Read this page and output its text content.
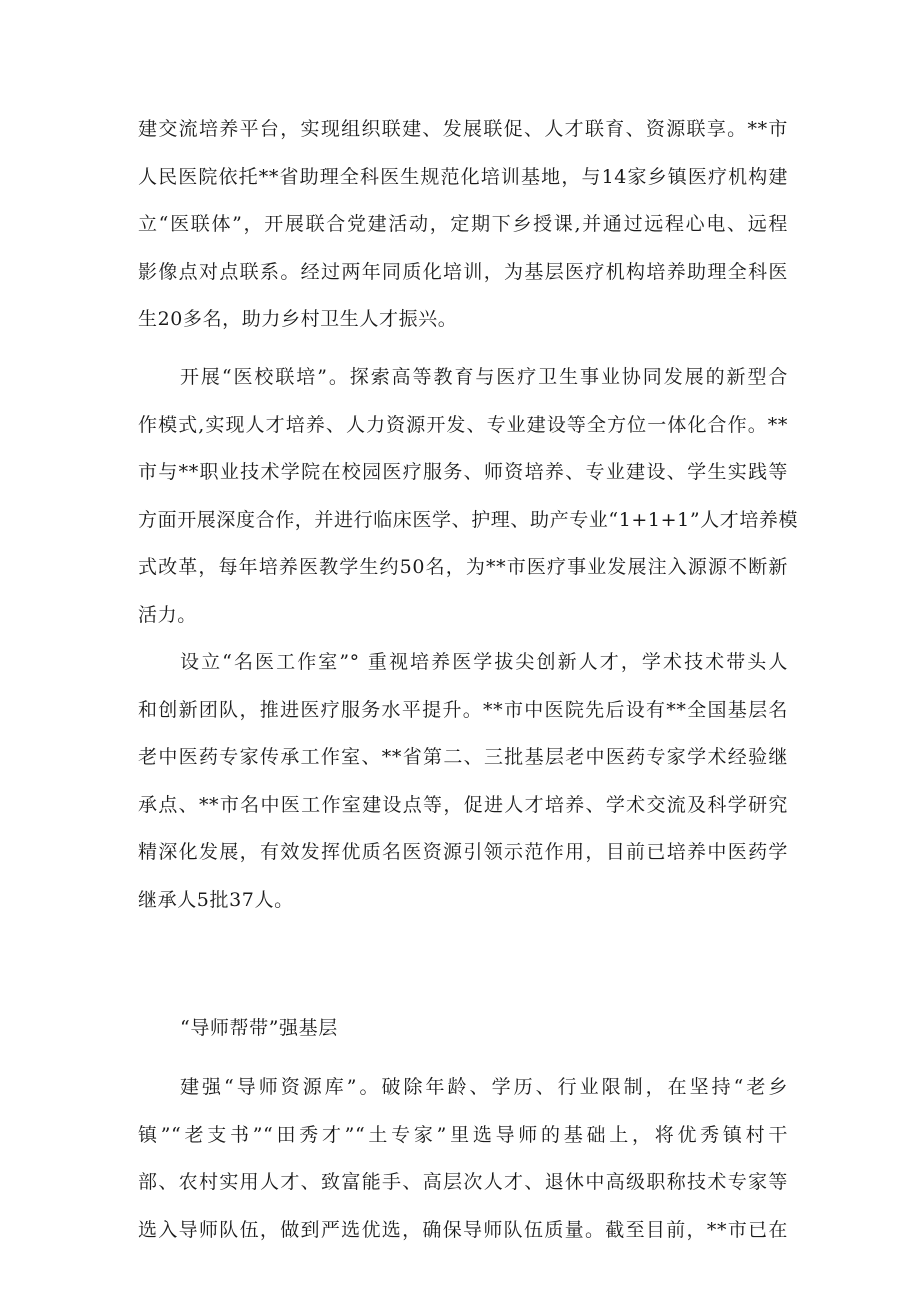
建交流培养平台，实现组织联建、发展联促、人才联育、资源联享。**市
人民医院依托**省助理全科医生规范化培训基地，与14家乡镇医疗机构建
立“医联体”，开展联合党建活动，定期下乡授课,并通过远程心电、远程
影像点对点联系。经过两年同质化培训，为基层医疗机构培养助理全科医
生20多名，助力乡村卫生人才振兴。
开展“医校联培”。探索高等教育与医疗卫生事业协同发展的新型合
作模式,实现人才培养、人力资源开发、专业建设等全方位一体化合作。**
市与**职业技术学院在校园医疗服务、师资培养、专业建设、学生实践等
方面开展深度合作，并进行临床医学、护理、助产专业“1+1+1”人才培养模
式改革，每年培养医教学生约50名，为**市医疗事业发展注入源源不断新
活力。
设立“名医工作室”° 重视培养医学拔尖创新人才，学术技术带头人
和创新团队，推进医疗服务水平提升。**市中医院先后设有**全国基层名
老中医药专家传承工作室、**省第二、三批基层老中医药专家学术经验继
承点、**市名中医工作室建设点等，促进人才培养、学术交流及科学研究
精深化发展，有效发挥优质名医资源引领示范作用，目前已培养中医药学
继承人5批37人。
“导师帮带”强基层
建强“导师资源库”。破除年龄、学历、行业限制，在坚持“老乡
镇”“老支书”“田秀才”“土专家”里选导师的基础上，将优秀镇村干
部、农村实用人才、致富能手、高层次人才、退休中高级职称技术专家等
选入导师队伍，做到严选优选，确保导师队伍质量。截至目前，**市已在
